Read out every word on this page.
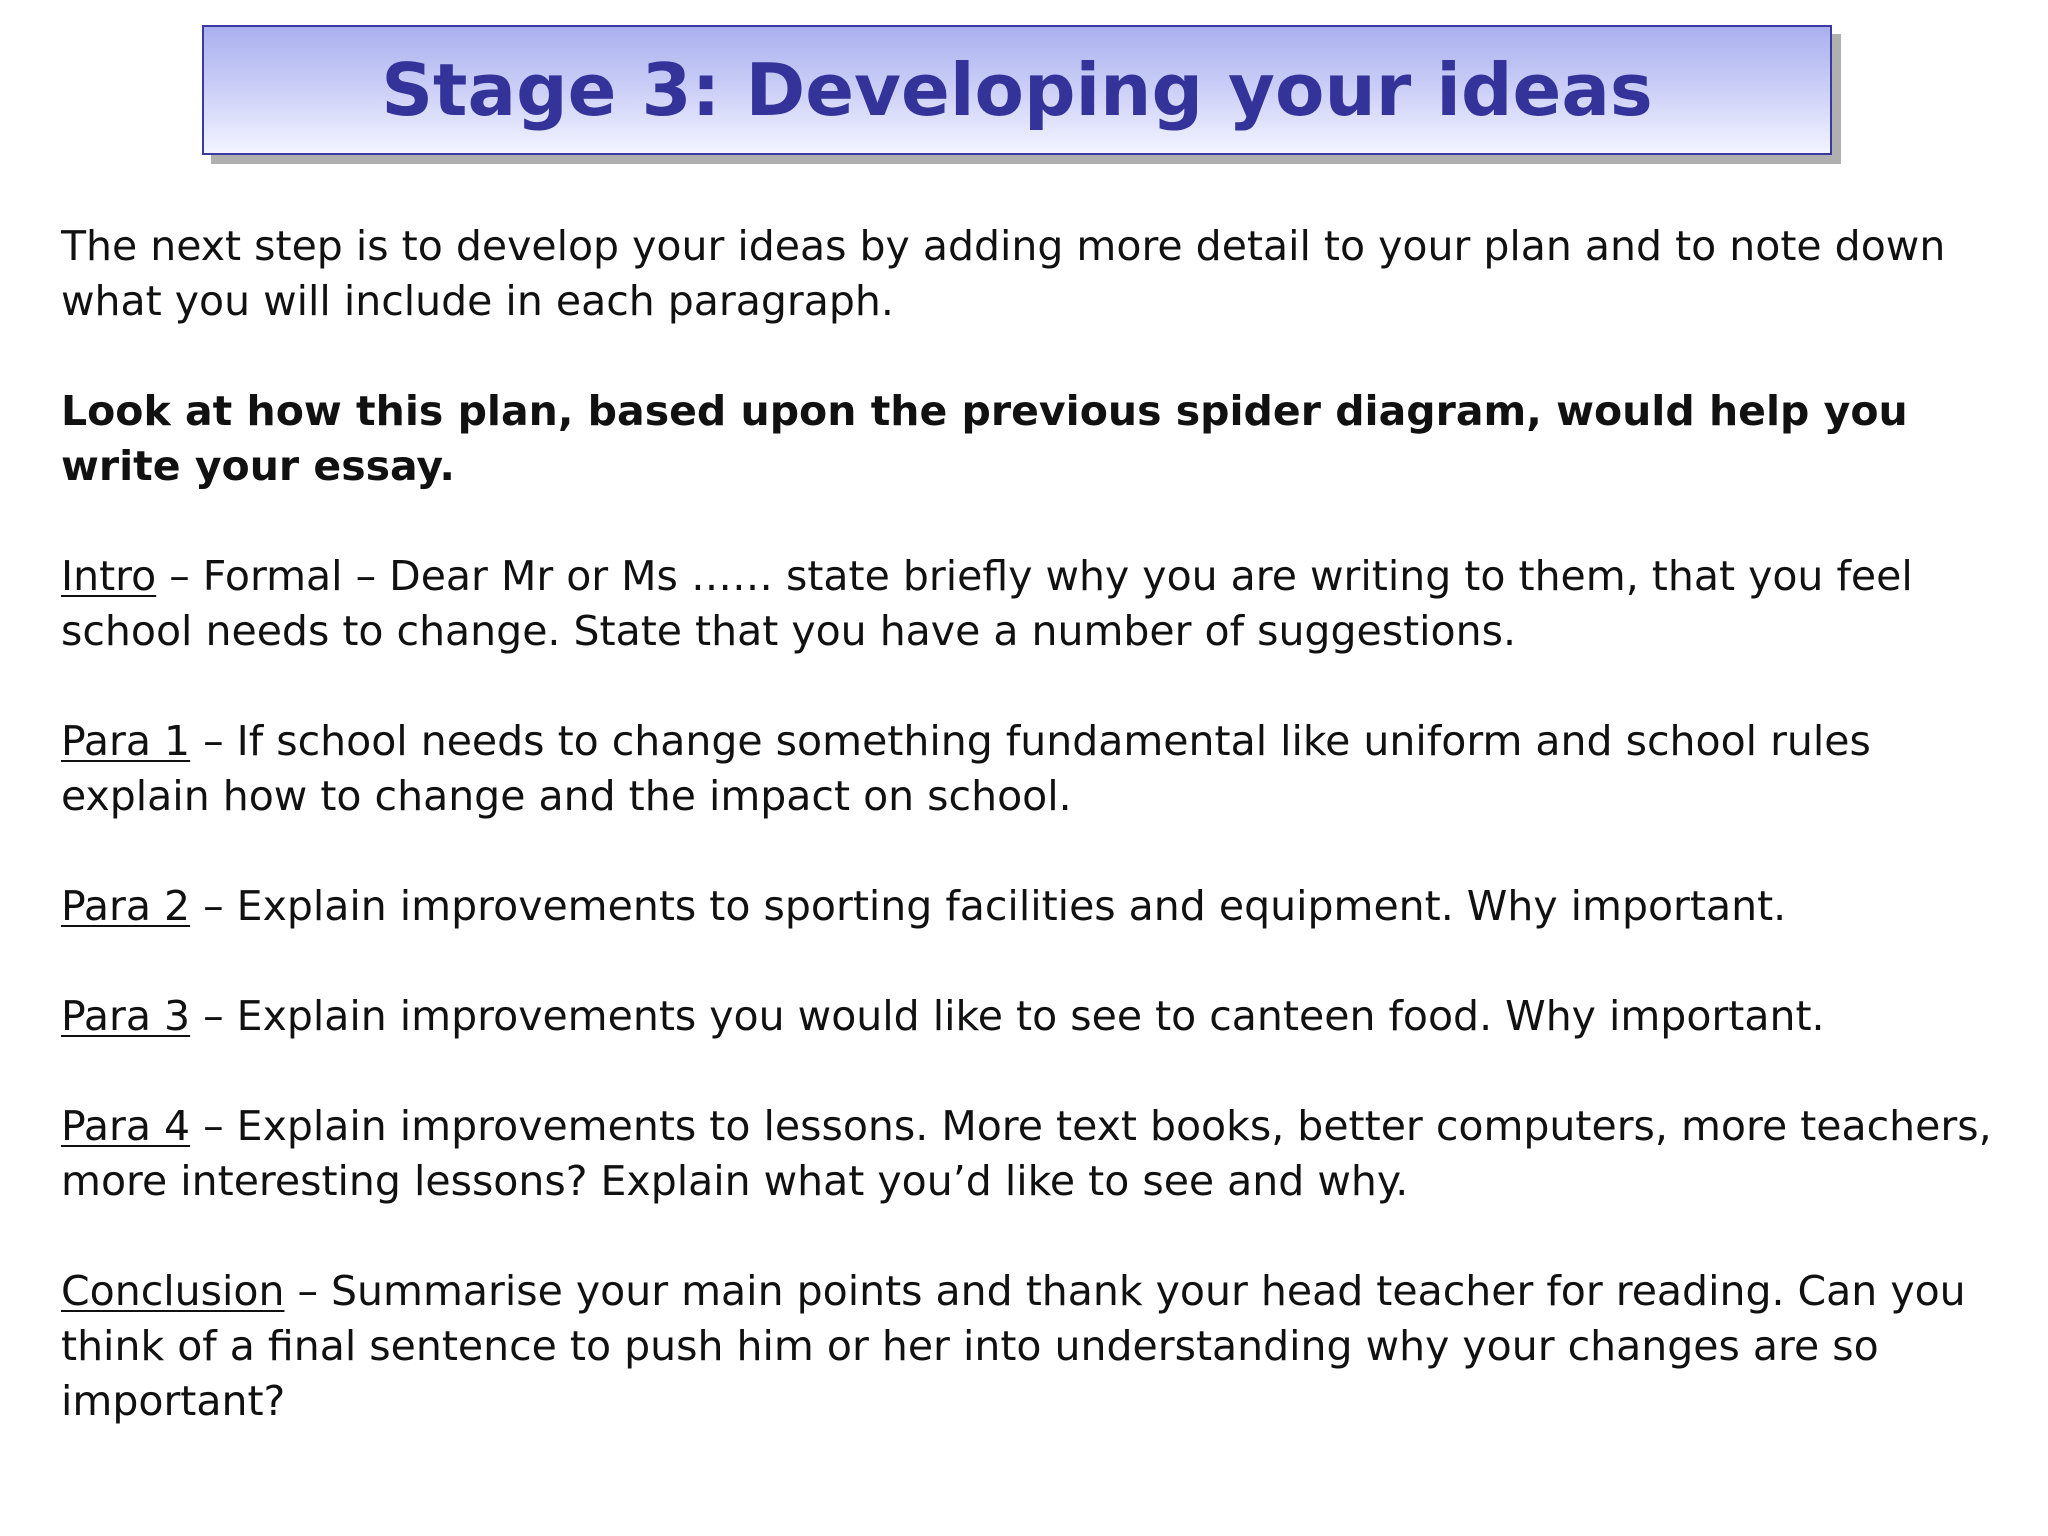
Stage 3: Developing your ideas

The next step is to develop your ideas by adding more detail to your plan and to note down what you will include in each paragraph.

Look at how this plan, based upon the previous spider diagram, would help you write your essay.

Intro – Formal – Dear Mr or Ms …… state briefly why you are writing to them, that you feel school needs to change. State that you have a number of suggestions.

Para 1 – If school needs to change something fundamental like uniform and school rules explain how to change and the impact on school.

Para 2 – Explain improvements to sporting facilities and equipment. Why important.

Para 3 – Explain improvements you would like to see to canteen food. Why important.

Para 4 – Explain improvements to lessons. More text books, better computers, more teachers, more interesting lessons? Explain what you’d like to see and why.

Conclusion – Summarise your main points and thank your head teacher for reading. Can you think of a final sentence to push him or her into understanding why your changes are so important?
